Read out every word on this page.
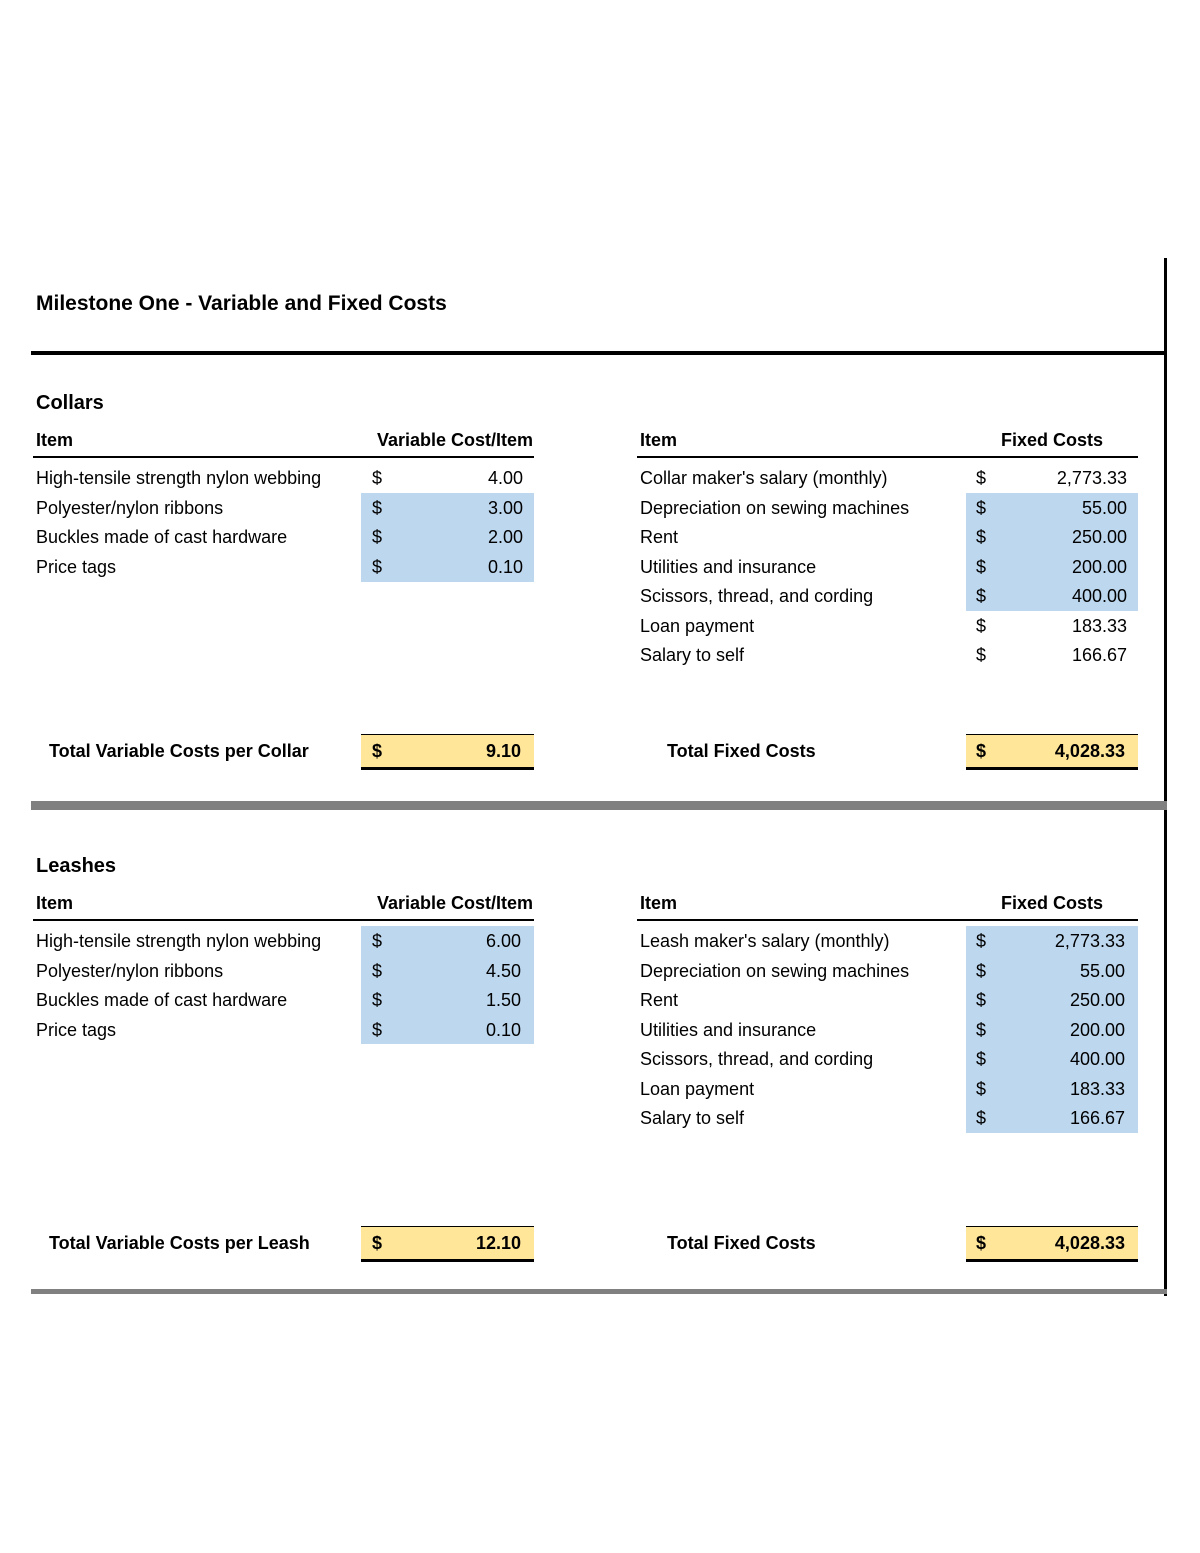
Milestone One - Variable and Fixed Costs
Collars
Item	Variable Cost/Item	Item	Fixed Costs
High-tensile strength nylon webbing	$	4.00
Polyester/nylon ribbons	$	3.00
Buckles made of cast hardware	$	2.00
Price tags	$	0.10
Collar maker's salary (monthly)	$	2,773.33
Depreciation on sewing machines	$	55.00
Rent	$	250.00
Utilities and insurance	$	200.00
Scissors, thread, and cording	$	400.00
Loan payment	$	183.33
Salary to self	$	166.67
Total Variable Costs per Collar	$	9.10	Total Fixed Costs	$	4,028.33
Leashes
Item	Variable Cost/Item	Item	Fixed Costs
High-tensile strength nylon webbing	$	6.00
Polyester/nylon ribbons	$	4.50
Buckles made of cast hardware	$	1.50
Price tags	$	0.10
Leash maker's salary (monthly)	$	2,773.33
Depreciation on sewing machines	$	55.00
Rent	$	250.00
Utilities and insurance	$	200.00
Scissors, thread, and cording	$	400.00
Loan payment	$	183.33
Salary to self	$	166.67
Total Variable Costs per Leash	$	12.10	Total Fixed Costs	$	4,028.33
